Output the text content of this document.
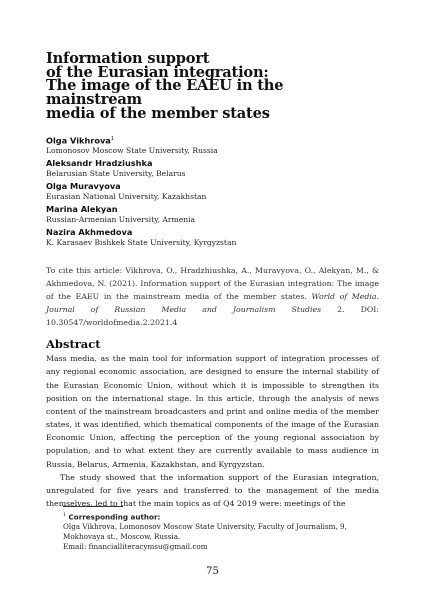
Information support
of the Eurasian integration:
The image of the EAEU in the mainstream
media of the member states
Olga Vikhrova$^1$
Lomonosov Moscow State University, Russia
Aleksandr Hradziushka
Belarusian State University, Belarus
Olga Muravyova
Eurasian National University, Kazakhstan
Marina Alekyan
Russian-Armenian University, Armenia
Nazira Akhmedova
K. Karasaev Bishkek State University, Kyrgyzstan
To cite this article: Vikhrova, O., Hradzhiushka, A., Muravyova, O., Alekyan, M., & Akhmedova, N. (2021). Information support of the Eurasian integration: The image of the EAEU in the mainstream media of the member states. World of Media. Journal of Russian Media and Journalism Studies 2. DOI: 10.30547/worldofmedia.2.2021.4
Abstract

Mass media, as the main tool for information support of integration processes of any regional economic association, are designed to ensure the internal stability of the Eurasian Economic Union, without which it is impossible to strengthen its position on the international stage. In this article, through the analysis of news content of the mainstream broadcasters and print and online media of the member states, it was identified, which thematical components of the image of the Eurasian Economic Union, affecting the perception of the young regional association by population, and to what extent they are currently available to mass audience in Russia, Belarus, Armenia, Kazakhstan, and Kyrgyzstan.

The study showed that the information support of the Eurasian integration, unregulated for five years and transferred to the management of the media themselves, led to that the main topics as of Q4 2019 were: meetings of the

$^1$ Corresponding author:
Olga Vikhrova, Lomonosov Moscow State University, Faculty of Journalism, 9,
Mokhovaya st., Moscow, Russia.
Email: financialliteracymsu@gmail.com
75
